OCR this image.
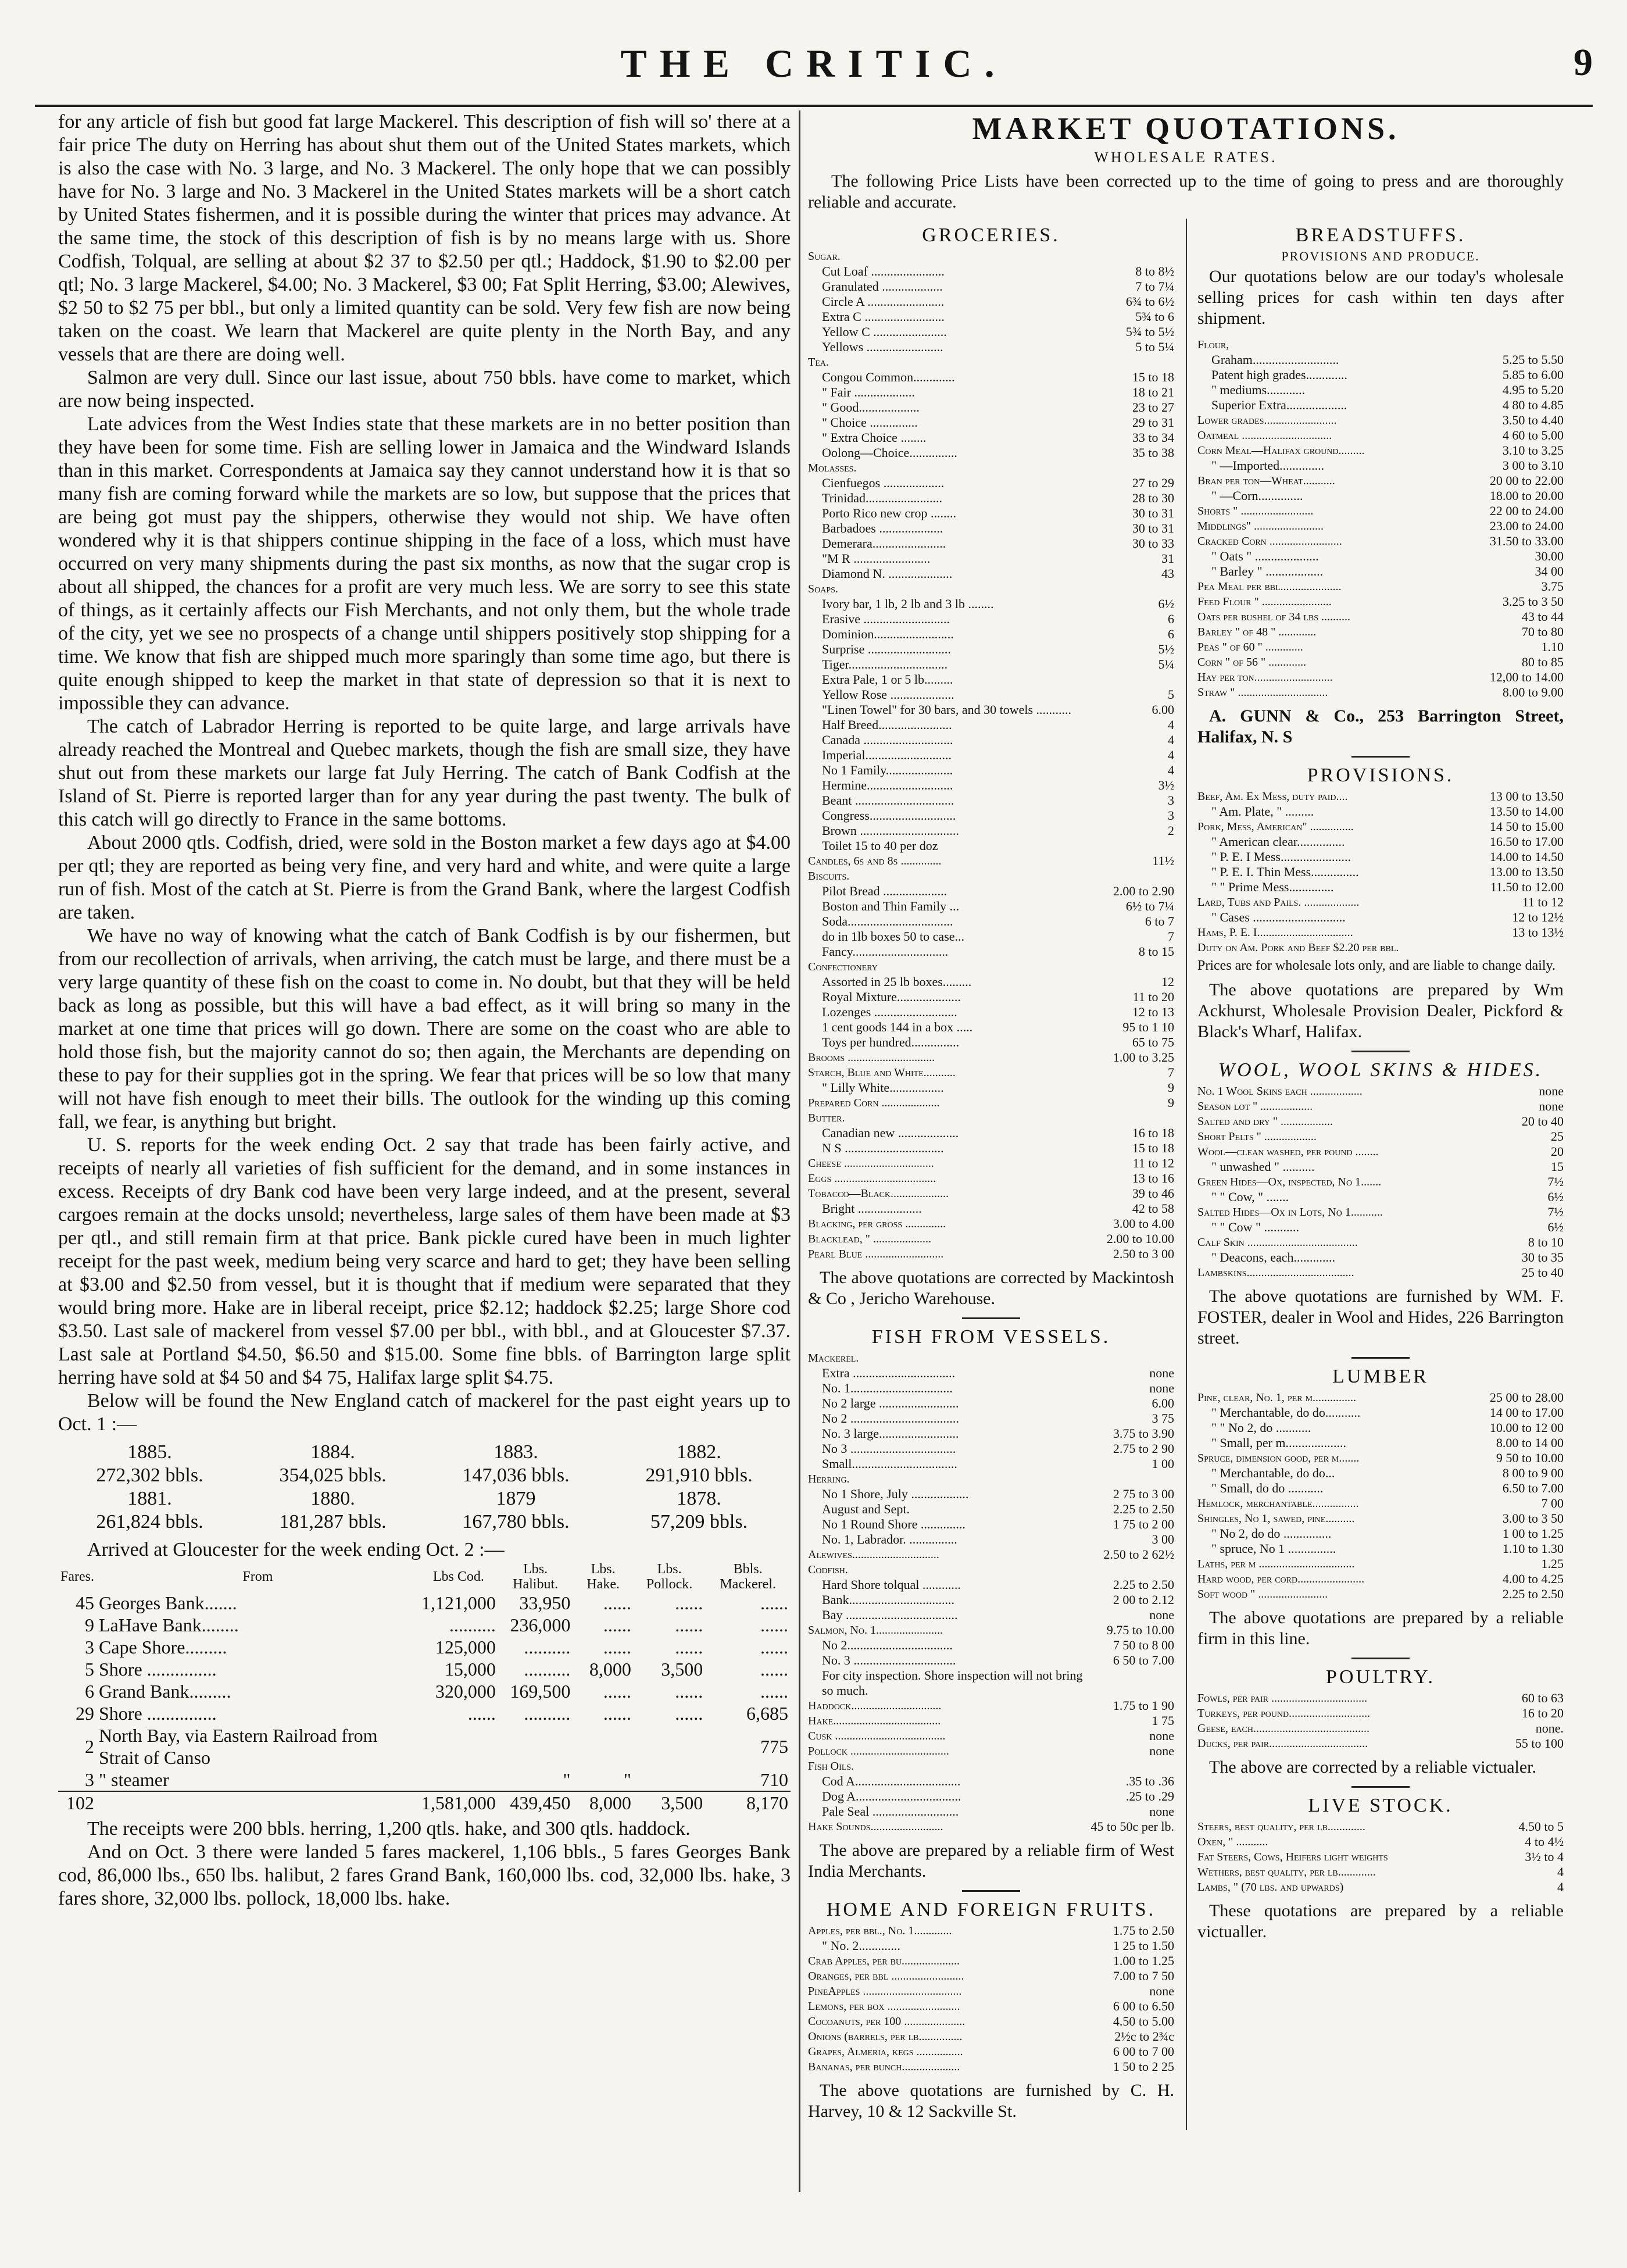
THE CRITIC.	9

for any article of fish but good fat large Mackerel. This description of fish will so' there at a fair price The duty on Herring has about shut them out of the United States markets, which is also the case with No. 3 large, and No. 3 Mackerel. The only hope that we can possibly have for No. 3 large and No. 3 Mackerel in the United States markets will be a short catch by United States fishermen, and it is possible during the winter that prices may advance. At the same time, the stock of this description of fish is by no means large with us. Shore Codfish, Tolqual, are selling at about $2 37 to $2.50 per qtl.; Haddock, $1.90 to $2.00 per qtl; No. 3 large Mackerel, $4.00; No. 3 Mackerel, $3 00; Fat Split Herring, $3.00; Alewives, $2 50 to $2 75 per bbl., but only a limited quantity can be sold. Very few fish are now being taken on the coast. We learn that Mackerel are quite plenty in the North Bay, and any vessels that are there are doing well.

Salmon are very dull. Since our last issue, about 750 bbls. have come to market, which are now being inspected.

Late advices from the West Indies state that these markets are in no better position than they have been for some time. Fish are selling lower in Jamaica and the Windward Islands than in this market. Correspondents at Jamaica say they cannot understand how it is that so many fish are coming forward while the markets are so low, but suppose that the prices that are being got must pay the shippers, otherwise they would not ship. We have often wondered why it is that shippers continue shipping in the face of a loss, which must have occurred on very many shipments during the past six months, as now that the sugar crop is about all shipped, the chances for a profit are very much less. We are sorry to see this state of things, as it certainly affects our Fish Merchants, and not only them, but the whole trade of the city, yet we see no prospects of a change until shippers positively stop shipping for a time. We know that fish are shipped much more sparingly than some time ago, but there is quite enough shipped to keep the market in that state of depression so that it is next to impossible they can advance.

The catch of Labrador Herring is reported to be quite large, and large arrivals have already reached the Montreal and Quebec markets, though the fish are small size, they have shut out from these markets our large fat July Herring. The catch of Bank Codfish at the Island of St. Pierre is reported larger than for any year during the past twenty. The bulk of this catch will go directly to France in the same bottoms.

About 2000 qtls. Codfish, dried, were sold in the Boston market a few days ago at $4.00 per qtl; they are reported as being very fine, and very hard and white, and were quite a large run of fish. Most of the catch at St. Pierre is from the Grand Bank, where the largest Codfish are taken.

We have no way of knowing what the catch of Bank Codfish is by our fishermen, but from our recollection of arrivals, when arriving, the catch must be large, and there must be a very large quantity of these fish on the coast to come in. No doubt, but that they will be held back as long as possible, but this will have a bad effect, as it will bring so many in the market at one time that prices will go down. There are some on the coast who are able to hold those fish, but the majority cannot do so; then again, the Merchants are depending on these to pay for their supplies got in the spring. We fear that prices will be so low that many will not have fish enough to meet their bills. The outlook for the winding up this coming fall, we fear, is anything but bright.

U. S. reports for the week ending Oct. 2 say that trade has been fairly active, and receipts of nearly all varieties of fish sufficient for the demand, and in some instances in excess. Receipts of dry Bank cod have been very large indeed, and at the present, several cargoes remain at the docks unsold; nevertheless, large sales of them have been made at $3 per qtl., and still remain firm at that price. Bank pickle cured have been in much lighter receipt for the past week, medium being very scarce and hard to get; they have been selling at $3.00 and $2.50 from vessel, but it is thought that if medium were separated that they would bring more. Hake are in liberal receipt, price $2.12; haddock $2.25; large Shore cod $3.50. Last sale of mackerel from vessel $7.00 per bbl., with bbl., and at Gloucester $7.37. Last sale at Portland $4.50, $6.50 and $15.00. Some fine bbls. of Barrington large split herring have sold at $4 50 and $4 75, Halifax large split $4.75.

Below will be found the New England catch of mackerel for the past eight years up to Oct. 1 :—

1885.	1884.	1883.	1882.
272,302 bbls.	354,025 bbls.	147,036 bbls.	291,910 bbls.
1881.	1880.	1879	1878.
261,824 bbls.	181,287 bbls.	167,780 bbls.	57,209 bbls.

Arrived at Gloucester for the week ending Oct. 2 :—

Fares.	From	Lbs Cod.	Lbs. Halibut.	Lbs. Hake.	Lbs. Pollock.	Bbls. Mackerel.
45	Georges Bank.......	1,121,000	33,950	......	......	......
9	LaHave Bank........	..........	236,000	......	......	......
3	Cape Shore.........	125,000	..........	......	......	......
5	Shore ...............	15,000	..........	8,000	3,500	......
6	Grand Bank.........	320,000	169,500	......	......	......
29	Shore ...............	......	..........	......	......	6,685
2	North Bay, via Eastern Railroad from Strait of Canso					775
3	" steamer		"	"		710
102		1,581,000	439,450	8,000	3,500	8,170

The receipts were 200 bbls. herring, 1,200 qtls. hake, and 300 qtls. haddock.

And on Oct. 3 there were landed 5 fares mackerel, 1,106 bbls., 5 fares Georges Bank cod, 86,000 lbs., 650 lbs. halibut, 2 fares Grand Bank, 160,000 lbs. cod, 32,000 lbs. hake, 3 fares shore, 32,000 lbs. pollock, 18,000 lbs. hake.

MARKET QUOTATIONS.
WHOLESALE RATES.

The following Price Lists have been corrected up to the time of going to press and are thoroughly reliable and accurate.

GROCERIES.
Sugar.	
Cut Loaf .......................	8 to 8½
Granulated ...................	7 to 7¼
Circle A ........................	6¾ to 6½
Extra C .........................	5¾ to 6
Yellow C .......................	5¾ to 5½
Yellows ........................	5 to 5¼
Tea.	
Congou Common.............	15 to 18
" Fair ...................	18 to 21
" Good...................	23 to 27
" Choice ...............	29 to 31
" Extra Choice ........	33 to 34
Oolong—Choice...............	35 to 38
Molasses.	
Cienfuegos ...................	27 to 29
Trinidad........................	28 to 30
Porto Rico new crop ........	30 to 31
Barbadoes ....................	30 to 31
Demerara.......................	30 to 33
"M R ........................	31
Diamond N. ....................	43
Soaps.	
Ivory bar, 1 lb, 2 lb and 3 lb ........	6½
Erasive ...........................	6
Dominion.........................	6
Surprise ..........................	5½
Tiger...............................	5¼
Extra Pale, 1 or 5 lb.........	
Yellow Rose ....................	5
"Linen Towel" for 30 bars, and 30 towels ...........	6.00
Half Breed.......................	4
Canada ............................	4
Imperial...........................	4
No 1 Family.....................	4
Hermine...........................	3½
Beant ...............................	3
Congress...........................	3
Brown ...............................	2
Toilet 15 to 40 per doz	
Candles, 6s and 8s ..............	11½
Biscuits.	
Pilot Bread ....................	2.00 to 2.90
Boston and Thin Family ...	6½ to 7¼
Soda.................................	6 to 7
do in 1lb boxes 50 to case...	7
Fancy..............................	8 to 15
Confectionery	
Assorted in 25 lb boxes.........	12
Royal Mixture....................	11 to 20
Lozenges ..........................	12 to 13
1 cent goods 144 in a box .....	95 to 1 10
Toys per hundred...............	65 to 75
Brooms ..............................	1.00 to 3.25
Starch, Blue and White...........	7
" Lilly White.................	9
Prepared Corn ....................	9
Butter.	
Canadian new ...................	16 to 18
N S ...............................	15 to 18
Cheese ...............................	11 to 12
Eggs ...................................	13 to 16
Tobacco—Black....................	39 to 46
Bright ....................	42 to 58
Blacking, per gross ..............	3.00 to 4.00
Blacklead, " ....................	2.00 to 10.00
Pearl Blue ...........................	2.50 to 3 00

The above quotations are corrected by Mackintosh & Co , Jericho Warehouse.

FISH FROM VESSELS.
Mackerel.	
Extra ................................	none
No. 1................................	none
No 2 large .........................	6.00
No 2 ..................................	3 75
No. 3 large.........................	3.75 to 3.90
No 3 .................................	2.75 to 2 90
Small.................................	1 00
Herring.	
No 1 Shore, July ..................	2 75 to 3 00
August and Sept.	2.25 to 2.50
No 1 Round Shore ..............	1 75 to 2 00
No. 1, Labrador. ...............	3 00
Alewives..............................	2.50 to 2 62½
Codfish.	
Hard Shore tolqual ............	2.25 to 2.50
Bank.................................	2 00 to 2.12
Bay ...................................	none
Salmon, No. 1.......................	9.75 to 10.00
No 2.................................	7 50 to 8 00
No. 3 ................................	6 50 to 7.00
For city inspection. Shore inspection will not bring so much.	
Haddock...............................	1.75 to 1 90
Hake.....................................	1 75
Cusk ......................................	none
Pollock ..................................	none
Fish Oils.	
Cod A.................................	.35 to .36
Dog A.................................	.25 to .29
Pale Seal ...........................	none
Hake Sounds.........................	45 to 50c per lb.

The above are prepared by a reliable firm of West India Merchants.

HOME AND FOREIGN FRUITS.
Apples, per bbl., No. 1.............	1.75 to 2.50
" No. 2.............	1 25 to 1.50
Crab Apples, per bu....................	1.00 to 1.25
Oranges, per bbl .........................	7.00 to 7 50
PineApples ..................................	none
Lemons, per box .........................	6 00 to 6.50
Cocoanuts, per 100 .....................	4.50 to 5.00
Onions (barrels, per lb...............	2½c to 2¾c
Grapes, Almeria, kegs ................	6 00 to 7 00
Bananas, per bunch....................	1 50 to 2 25

The above quotations are furnished by C. H. Harvey, 10 & 12 Sackville St.

BREADSTUFFS.
PROVISIONS AND PRODUCE.

Our quotations below are our today's wholesale selling prices for cash within ten days after shipment.

Flour,	
Graham...........................	5.25 to 5.50
Patent high grades.............	5.85 to 6.00
" mediums............	4.95 to 5.20
Superior Extra...................	4 80 to 4.85
Lower grades.........................	3.50 to 4.40
Oatmeal ...............................	4 60 to 5.00
Corn Meal—Halifax ground.........	3.10 to 3.25
" —Imported..............	3 00 to 3.10
Bran per ton—Wheat...........	20 00 to 22.00
" —Corn..............	18.00 to 20.00
Shorts " .........................	22 00 to 24.00
Middlings" ........................	23.00 to 24.00
Cracked Corn .........................	31.50 to 33.00
" Oats " ....................	30.00
" Barley " ..................	34 00
Pea Meal per bbl.....................	3.75
Feed Flour " ........................	3.25 to 3 50
Oats per bushel of 34 lbs ..........	43 to 44
Barley " of 48 " .............	70 to 80
Peas " of 60 " .............	1.10
Corn " of 56 " .............	80 to 85
Hay per ton...........................	12,00 to 14.00
Straw " ...............................	8.00 to 9.00

A. GUNN & Co., 253 Barrington Street, Halifax, N. S

PROVISIONS.
Beef, Am. Ex Mess, duty paid....	13 00 to 13.50
" Am. Plate, " .........	13.50 to 14.00
Pork, Mess, American" ...............	14 50 to 15.00
" American clear...............	16.50 to 17.00
" P. E. I Mess......................	14.00 to 14.50
" P. E. I. Thin Mess...............	13.00 to 13.50
" " Prime Mess..............	11.50 to 12.00
Lard, Tubs and Pails. ...................	11 to 12
" Cases .............................	12 to 12½
Hams, P. E. I.................................	13 to 13½
Duty on Am. Pork and Beef $2.20 per bbl.	

Prices are for wholesale lots only, and are liable to change daily.

The above quotations are prepared by Wm Ackhurst, Wholesale Provision Dealer, Pickford & Black's Wharf, Halifax.

WOOL, WOOL SKINS & HIDES.
No. 1 Wool Skins each ..................	none
Season lot " ..................	none
Salted and dry " ..................	20 to 40
Short Pelts " ..................	25
Wool—clean washed, per pound ........	20
" unwashed " ..........	15
Green Hides—Ox, inspected, No 1.......	7½
" " Cow, " .......	6½
Salted Hides—Ox in Lots, No 1...........	7½
" " Cow " ...........	6½
Calf Skin ......................................	8 to 10
" Deacons, each.............	30 to 35
Lambskins.....................................	25 to 40

The above quotations are furnished by WM. F. FOSTER, dealer in Wool and Hides, 226 Barrington street.

LUMBER
Pine, clear, No. 1, per m...............	25 00 to 28.00
" Merchantable, do do...........	14 00 to 17.00
" " No 2, do ...........	10.00 to 12 00
" Small, per m...................	8.00 to 14 00
Spruce, dimension good, per m.......	9 50 to 10.00
" Merchantable, do do...	8 00 to 9 00
" Small, do do ...........	6.50 to 7.00
Hemlock, merchantable................	7 00
Shingles, No 1, sawed, pine..........	3.00 to 3 50
" No 2, do do ...............	1 00 to 1.25
" spruce, No 1 ...............	1.10 to 1.30
Laths, per m .................................	1.25
Hard wood, per cord.......................	4.00 to 4.25
Soft wood " ........................	2.25 to 2.50

The above quotations are prepared by a reliable firm in this line.

POULTRY.
Fowls, per pair .................................	60 to 63
Turkeys, per pound............................	16 to 20
Geese, each........................................	none.
Ducks, per pair..................................	55 to 100

The above are corrected by a reliable victualer.

LIVE STOCK.
Steers, best quality, per lb.............	4.50 to 5
Oxen, " ...........	4 to 4½
Fat Steers, Cows, Heifers light weights	3½ to 4
Wethers, best quality, per lb.............	4
Lambs, " (70 lbs. and upwards)	4

These quotations are prepared by a reliable victualler.
